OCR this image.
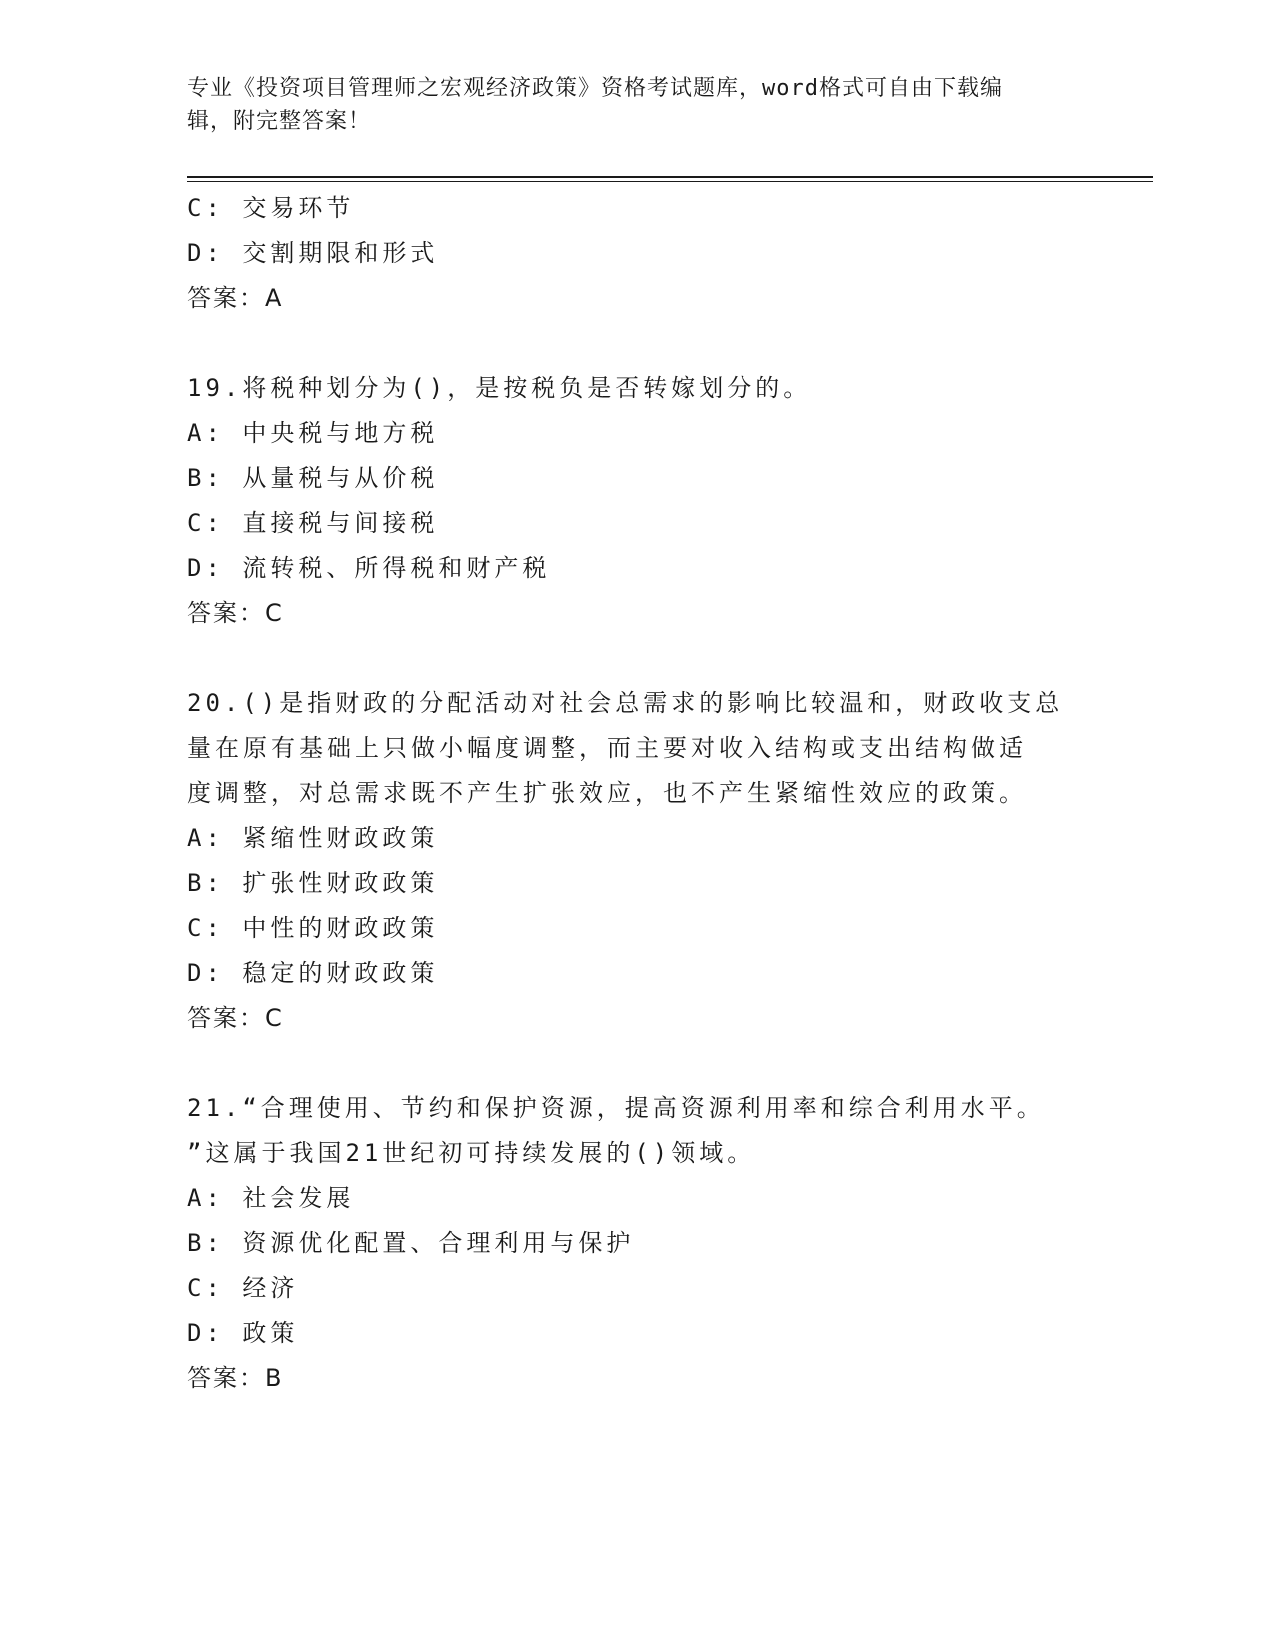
专业《投资项目管理师之宏观经济政策》资格考试题库，word格式可自由下载编
辑，附完整答案！
C: 交易环节
D: 交割期限和形式
答案：A
19.将税种划分为()，是按税负是否转嫁划分的。
A: 中央税与地方税
B: 从量税与从价税
C: 直接税与间接税
D: 流转税、所得税和财产税
答案：C
20.()是指财政的分配活动对社会总需求的影响比较温和，财政收支总
量在原有基础上只做小幅度调整，而主要对收入结构或支出结构做适
度调整，对总需求既不产生扩张效应，也不产生紧缩性效应的政策。
A: 紧缩性财政政策
B: 扩张性财政政策
C: 中性的财政政策
D: 稳定的财政政策
答案：C
21.“合理使用、节约和保护资源，提高资源利用率和综合利用水平。
”这属于我国21世纪初可持续发展的()领域。
A: 社会发展
B: 资源优化配置、合理利用与保护
C: 经济
D: 政策
答案：B
